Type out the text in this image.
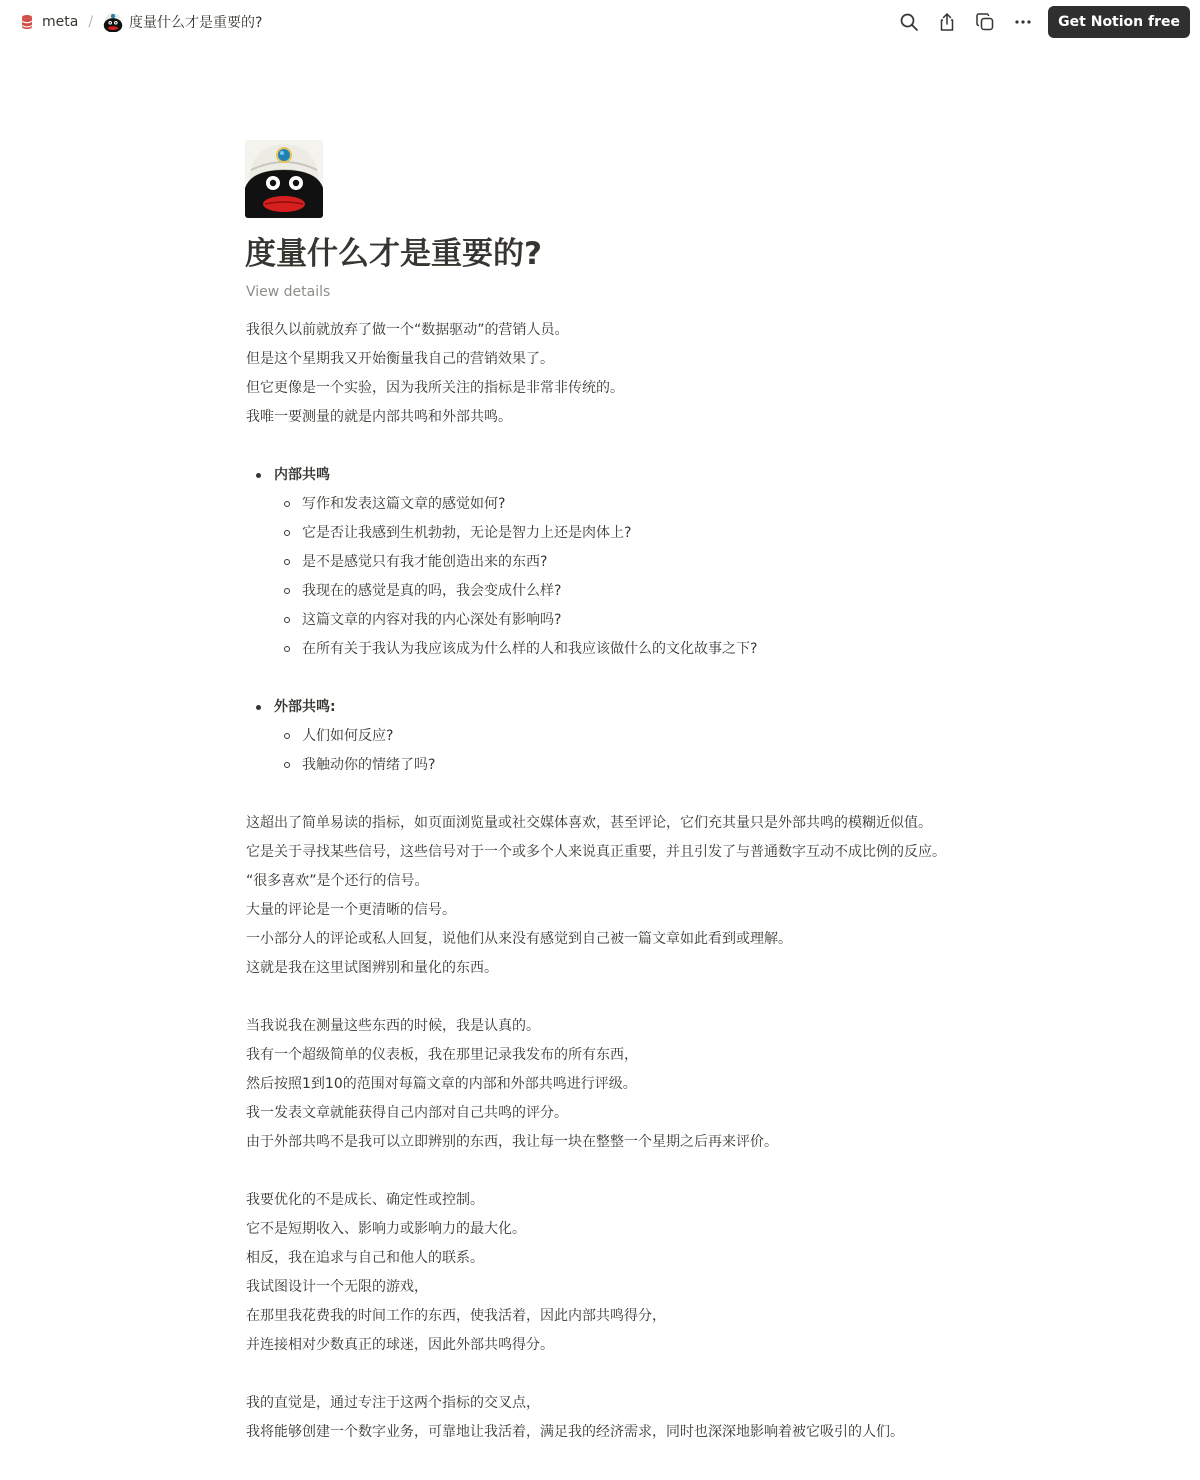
meta /	度量什么才是重要的?	Get Notion free
度量什么才是重要的?
View details

我很久以前就放弃了做一个“数据驱动”的营销人员。

但是这个星期我又开始衡量我自己的营销效果了。

但它更像是一个实验，因为我所关注的指标是非常非传统的。

我唯一要测量的就是内部共鸣和外部共鸣。

内部共鸣
写作和发表这篇文章的感觉如何?
它是否让我感到生机勃勃，无论是智力上还是肉体上?
是不是感觉只有我才能创造出来的东西?
我现在的感觉是真的吗，我会变成什么样?
这篇文章的内容对我的内心深处有影响吗?
在所有关于我认为我应该成为什么样的人和我应该做什么的文化故事之下?
外部共鸣:
人们如何反应?
我触动你的情绪了吗?

这超出了简单易读的指标，如页面浏览量或社交媒体喜欢，甚至评论，它们充其量只是外部共鸣的模糊近似值。

它是关于寻找某些信号，这些信号对于一个或多个人来说真正重要，并且引发了与普通数字互动不成比例的反应。

“很多喜欢”是个还行的信号。

大量的评论是一个更清晰的信号。

一小部分人的评论或私人回复，说他们从来没有感觉到自己被一篇文章如此看到或理解。

这就是我在这里试图辨别和量化的东西。

当我说我在测量这些东西的时候，我是认真的。

我有一个超级简单的仪表板，我在那里记录我发布的所有东西，

然后按照1到10的范围对每篇文章的内部和外部共鸣进行评级。

我一发表文章就能获得自己内部对自己共鸣的评分。

由于外部共鸣不是我可以立即辨别的东西，我让每一块在整整一个星期之后再来评价。

我要优化的不是成长、确定性或控制。

它不是短期收入、影响力或影响力的最大化。

相反，我在追求与自己和他人的联系。

我试图设计一个无限的游戏，

在那里我花费我的时间工作的东西，使我活着，因此内部共鸣得分，

并连接相对少数真正的球迷，因此外部共鸣得分。

我的直觉是，通过专注于这两个指标的交叉点，

我将能够创建一个数字业务，可靠地让我活着，满足我的经济需求，同时也深深地影响着被它吸引的人们。
